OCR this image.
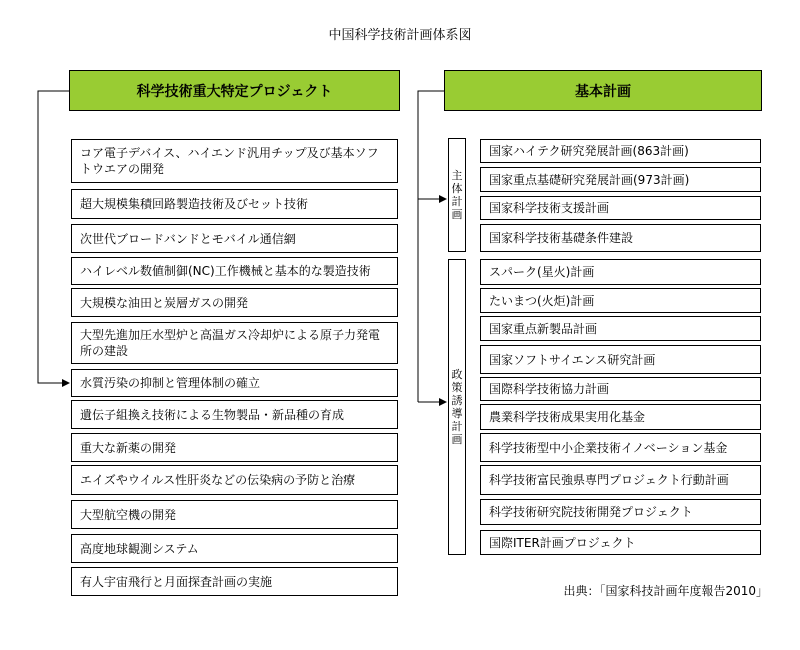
中国科学技術計画体系図
科学技術重大特定プロジェクト
コア電子デバイス、ハイエンド汎用チップ及び基本ソフトウエアの開発
超大規模集積回路製造技術及びセット技術
次世代ブロードバンドとモバイル通信網
ハイレベル数値制御(NC)工作機械と基本的な製造技術
大規模な油田と炭層ガスの開発
大型先進加圧水型炉と高温ガス冷却炉による原子力発電所の建設
水質汚染の抑制と管理体制の確立
遺伝子組換え技術による生物製品・新品種の育成
重大な新薬の開発
エイズやウイルス性肝炎などの伝染病の予防と治療
大型航空機の開発
高度地球観測システム
有人宇宙飛行と月面探査計画の実施
基本計画
主体計画
国家ハイテク研究発展計画(863計画)
国家重点基礎研究発展計画(973計画)
国家科学技術支援計画
国家科学技術基礎条件建設
政策誘導計画
スパーク(星火)計画
たいまつ(火炬)計画
国家重点新製品計画
国家ソフトサイエンス研究計画
国際科学技術協力計画
農業科学技術成果実用化基金
科学技術型中小企業技術イノベーション基金
科学技術富民強県専門プロジェクト行動計画
科学技術研究院技術開発プロジェクト
国際ITER計画プロジェクト
出典：｢国家科技計画年度報告2010｣
